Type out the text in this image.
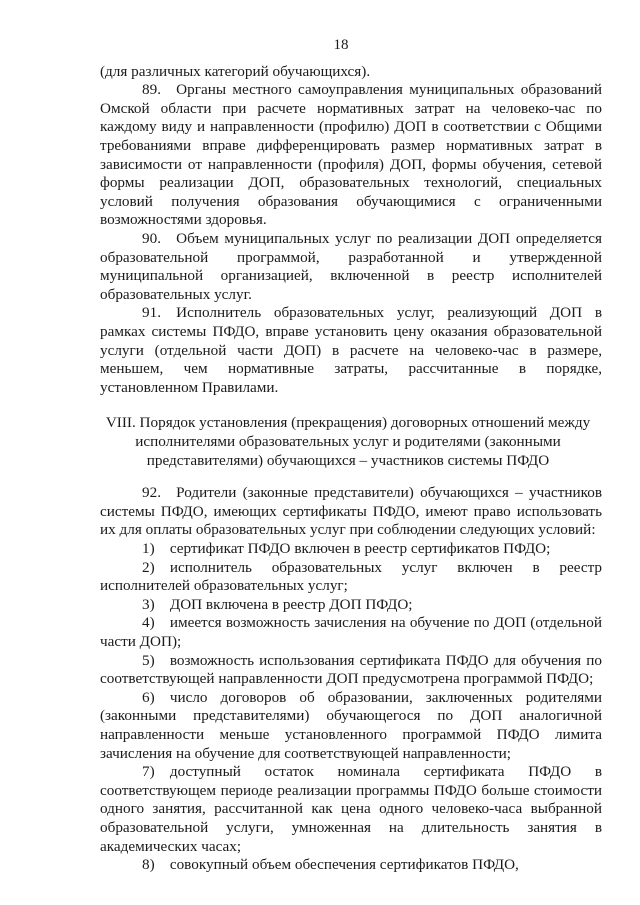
18

(для различных категорий обучающихся).

89. Органы местного самоуправления муниципальных образований Омской области при расчете нормативных затрат на человеко-час по каждому виду и направленности (профилю) ДОП в соответствии с Общими требованиями вправе дифференцировать размер нормативных затрат в зависимости от направленности (профиля) ДОП, формы обучения, сетевой формы реализации ДОП, образовательных технологий, специальных условий получения образования обучающимися с ограниченными возможностями здоровья.

90. Объем муниципальных услуг по реализации ДОП определяется образовательной программой, разработанной и утвержденной муниципальной организацией, включенной в реестр исполнителей образовательных услуг.

91. Исполнитель образовательных услуг, реализующий ДОП в рамках системы ПФДО, вправе установить цену оказания образовательной услуги (отдельной части ДОП) в расчете на человеко-час в размере, меньшем, чем нормативные затраты, рассчитанные в порядке, установленном Правилами.

VIII. Порядок установления (прекращения) договорных отношений между исполнителями образовательных услуг и родителями (законными представителями) обучающихся – участников системы ПФДО

92. Родители (законные представители) обучающихся – участников системы ПФДО, имеющих сертификаты ПФДО, имеют право использовать их для оплаты образовательных услуг при соблюдении следующих условий:

1) сертификат ПФДО включен в реестр сертификатов ПФДО;

2) исполнитель образовательных услуг включен в реестр исполнителей образовательных услуг;

3) ДОП включена в реестр ДОП ПФДО;

4) имеется возможность зачисления на обучение по ДОП (отдельной части ДОП);

5) возможность использования сертификата ПФДО для обучения по соответствующей направленности ДОП предусмотрена программой ПФДО;

6) число договоров об образовании, заключенных родителями (законными представителями) обучающегося по ДОП аналогичной направленности меньше установленного программой ПФДО лимита зачисления на обучение для соответствующей направленности;

7) доступный остаток номинала сертификата ПФДО в соответствующем периоде реализации программы ПФДО больше стоимости одного занятия, рассчитанной как цена одного человеко-часа выбранной образовательной услуги, умноженная на длительность занятия в академических часах;

8) совокупный объем обеспечения сертификатов ПФДО,
